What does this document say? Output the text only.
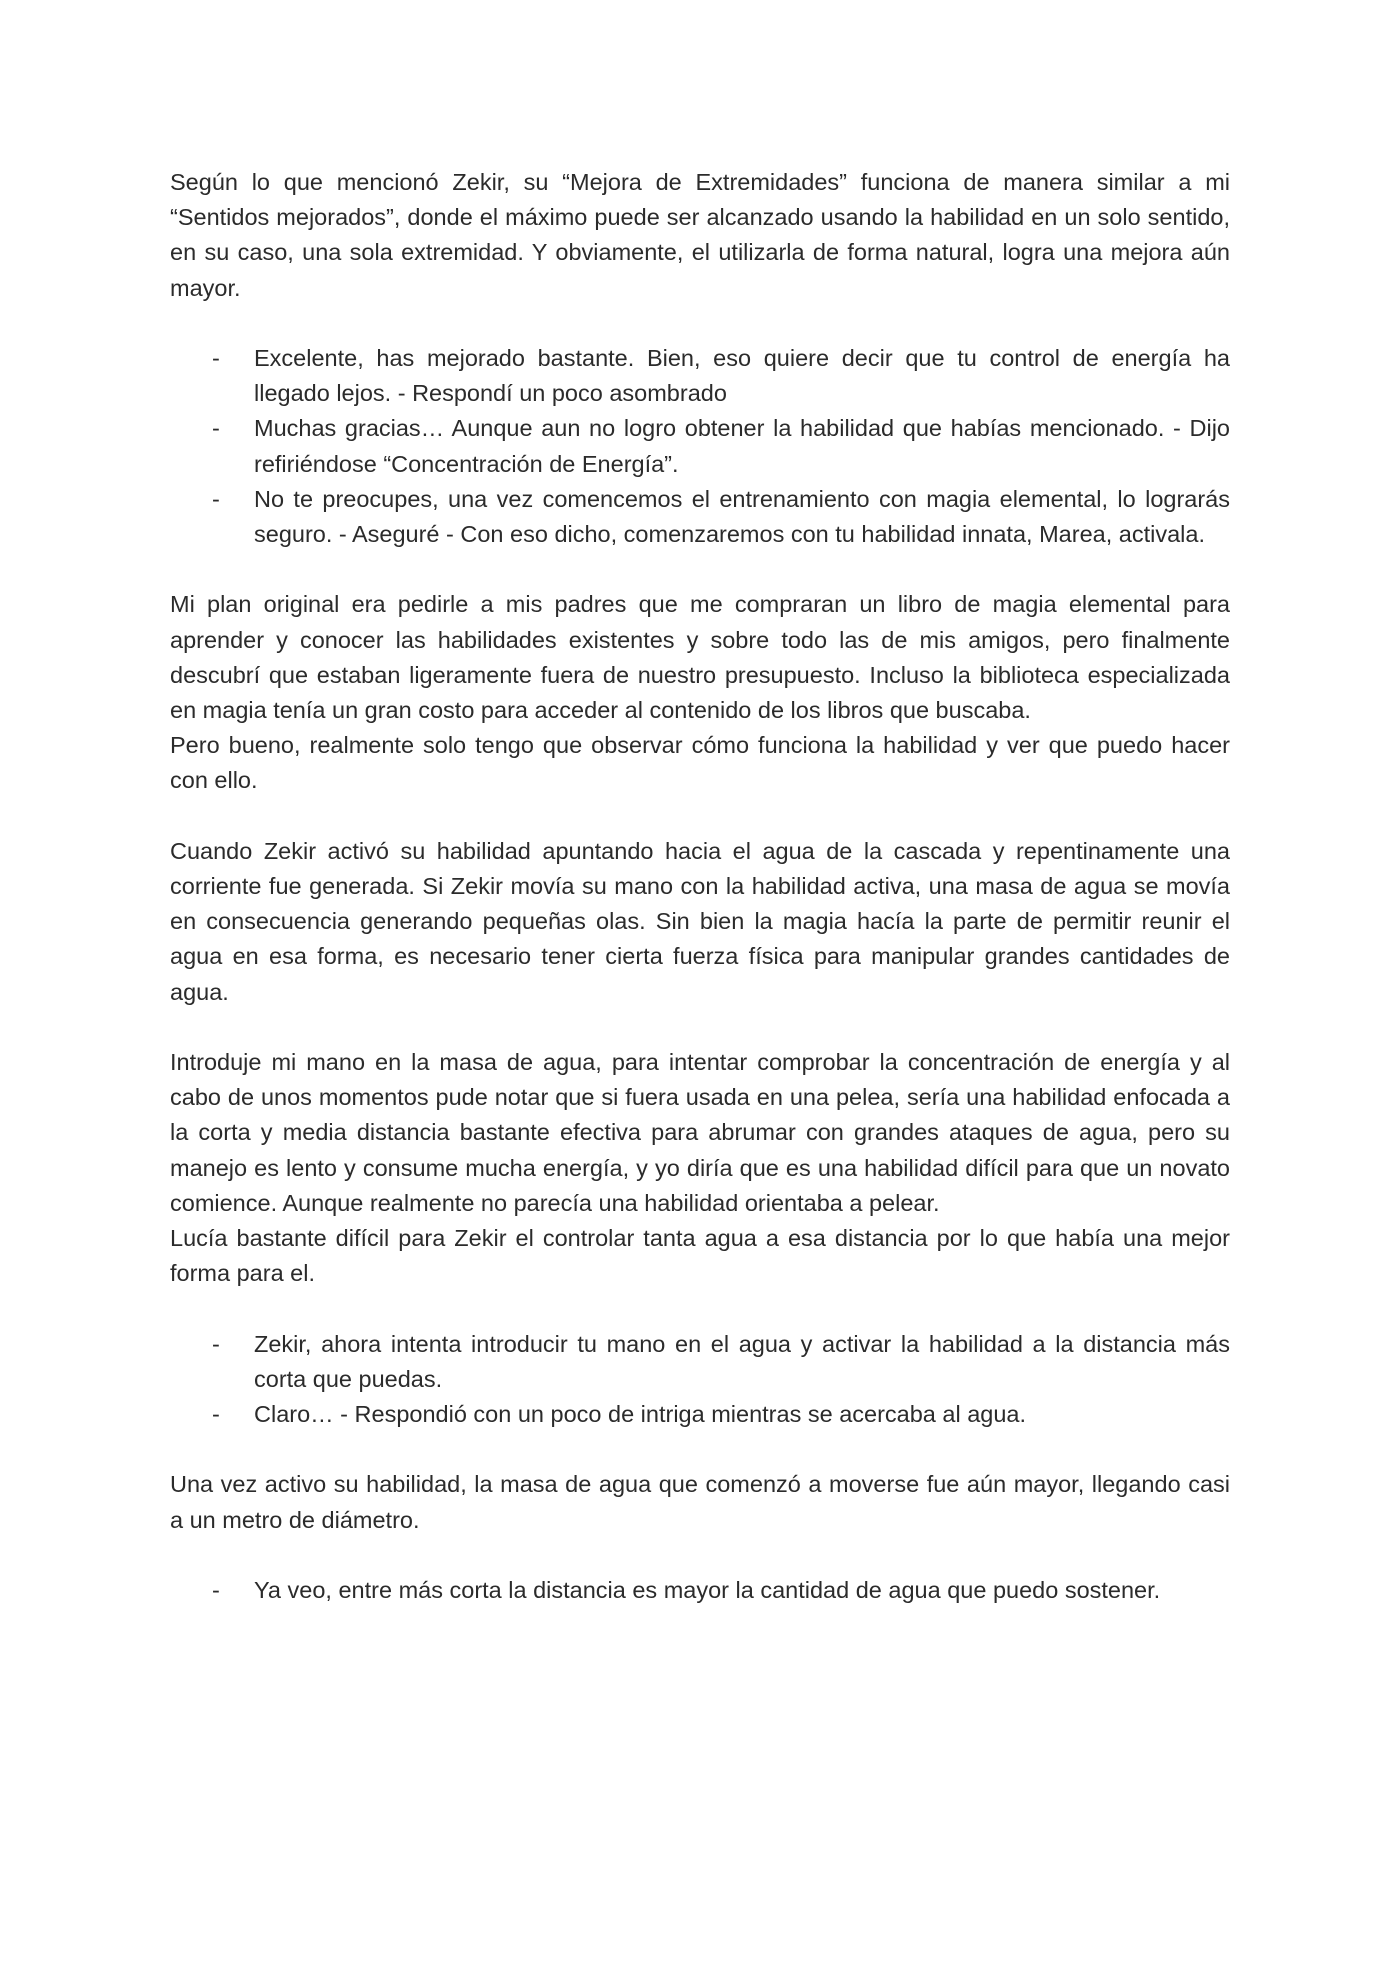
Según lo que mencionó Zekir, su “Mejora de Extremidades” funciona de manera similar a mi “Sentidos mejorados”, donde el máximo puede ser alcanzado usando la habilidad en un solo sentido, en su caso, una sola extremidad. Y obviamente, el utilizarla de forma natural, logra una mejora aún mayor.

- Excelente, has mejorado bastante. Bien, eso quiere decir que tu control de energía ha llegado lejos. - Respondí un poco asombrado
- Muchas gracias… Aunque aun no logro obtener la habilidad que habías mencionado. - Dijo refiriéndose “Concentración de Energía”.
- No te preocupes, una vez comencemos el entrenamiento con magia elemental, lo lograrás seguro. - Aseguré - Con eso dicho, comenzaremos con tu habilidad innata, Marea, activala.

Mi plan original era pedirle a mis padres que me compraran un libro de magia elemental para aprender y conocer las habilidades existentes y sobre todo las de mis amigos, pero finalmente descubrí que estaban ligeramente fuera de nuestro presupuesto. Incluso la biblioteca especializada en magia tenía un gran costo para acceder al contenido de los libros que buscaba.

Pero bueno, realmente solo tengo que observar cómo funciona la habilidad y ver que puedo hacer con ello.

Cuando Zekir activó su habilidad apuntando hacia el agua de la cascada y repentinamente una corriente fue generada. Si Zekir movía su mano con la habilidad activa, una masa de agua se movía en consecuencia generando pequeñas olas. Sin bien la magia hacía la parte de permitir reunir el agua en esa forma, es necesario tener cierta fuerza física para manipular grandes cantidades de agua.

Introduje mi mano en la masa de agua, para intentar comprobar la concentración de energía y al cabo de unos momentos pude notar que si fuera usada en una pelea, sería una habilidad enfocada a la corta y media distancia bastante efectiva para abrumar con grandes ataques de agua, pero su manejo es lento y consume mucha energía, y yo diría que es una habilidad difícil para que un novato comience. Aunque realmente no parecía una habilidad orientaba a pelear.

Lucía bastante difícil para Zekir el controlar tanta agua a esa distancia por lo que había una mejor forma para el.

- Zekir, ahora intenta introducir tu mano en el agua y activar la habilidad a la distancia más corta que puedas.
- Claro… - Respondió con un poco de intriga mientras se acercaba al agua.

Una vez activo su habilidad, la masa de agua que comenzó a moverse fue aún mayor, llegando casi a un metro de diámetro.

- Ya veo, entre más corta la distancia es mayor la cantidad de agua que puedo sostener.
